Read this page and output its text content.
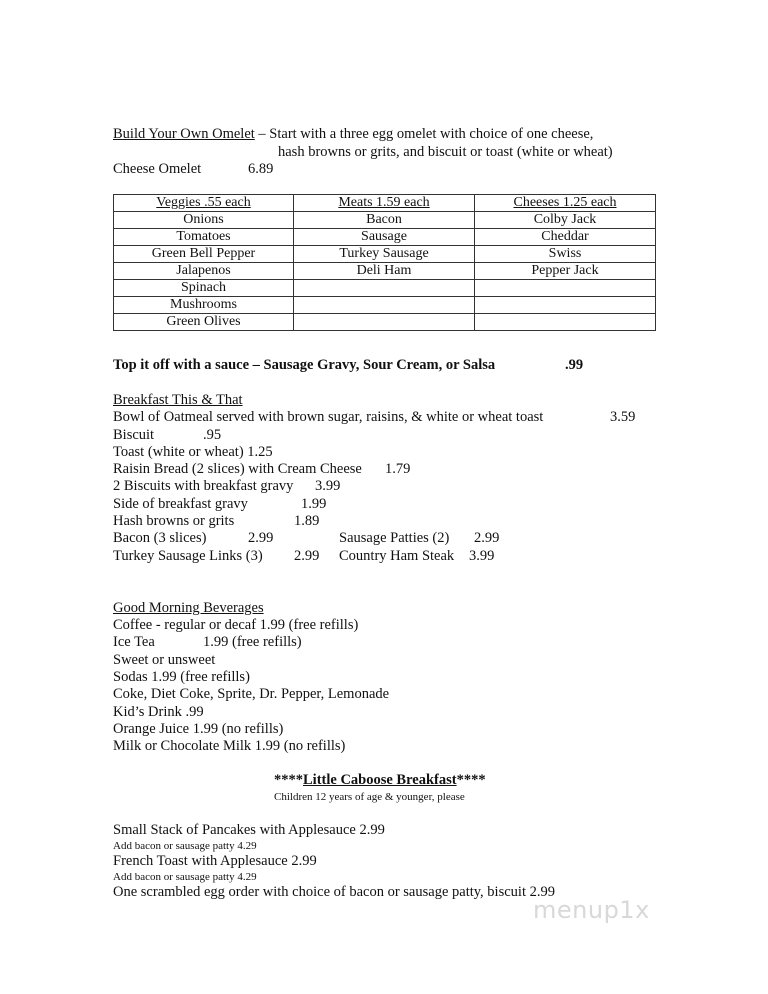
Build Your Own Omelet – Start with a three egg omelet with choice of one cheese,
hash browns or grits, and biscuit or toast (white or wheat)
Cheese Omelet	6.89
Veggies .55 each	Meats 1.59 each	Cheeses 1.25 each
Onions	Bacon	Colby Jack
Tomatoes	Sausage	Cheddar
Green Bell Pepper	Turkey Sausage	Swiss
Jalapenos	Deli Ham	Pepper Jack
Spinach		
Mushrooms		
Green Olives		
Top it off with a sauce – Sausage Gravy, Sour Cream, or Salsa	.99
Breakfast This & That
Bowl of Oatmeal served with brown sugar, raisins, & white or wheat toast	3.59
Biscuit	.95
Toast (white or wheat) 1.25
Raisin Bread (2 slices) with Cream Cheese 1.79
2 Biscuits with breakfast gravy 3.99
Side of breakfast gravy	1.99
Hash browns or grits	1.89
Bacon (3 slices)	2.99	Sausage Patties (2) 2.99
Turkey Sausage Links (3) 2.99 Country Ham Steak 3.99
Good Morning Beverages
Coffee - regular or decaf 1.99 (free refills)
Ice Tea	1.99 (free refills)
Sweet or unsweet
Sodas 1.99 (free refills)
Coke, Diet Coke, Sprite, Dr. Pepper, Lemonade
Kid’s Drink .99
Orange Juice 1.99 (no refills)
Milk or Chocolate Milk 1.99 (no refills)
****Little Caboose Breakfast****
Children 12 years of age & younger, please
Small Stack of Pancakes with Applesauce 2.99
Add bacon or sausage patty 4.29
French Toast with Applesauce 2.99
Add bacon or sausage patty 4.29
One scrambled egg order with choice of bacon or sausage patty, biscuit 2.99
menup1x
